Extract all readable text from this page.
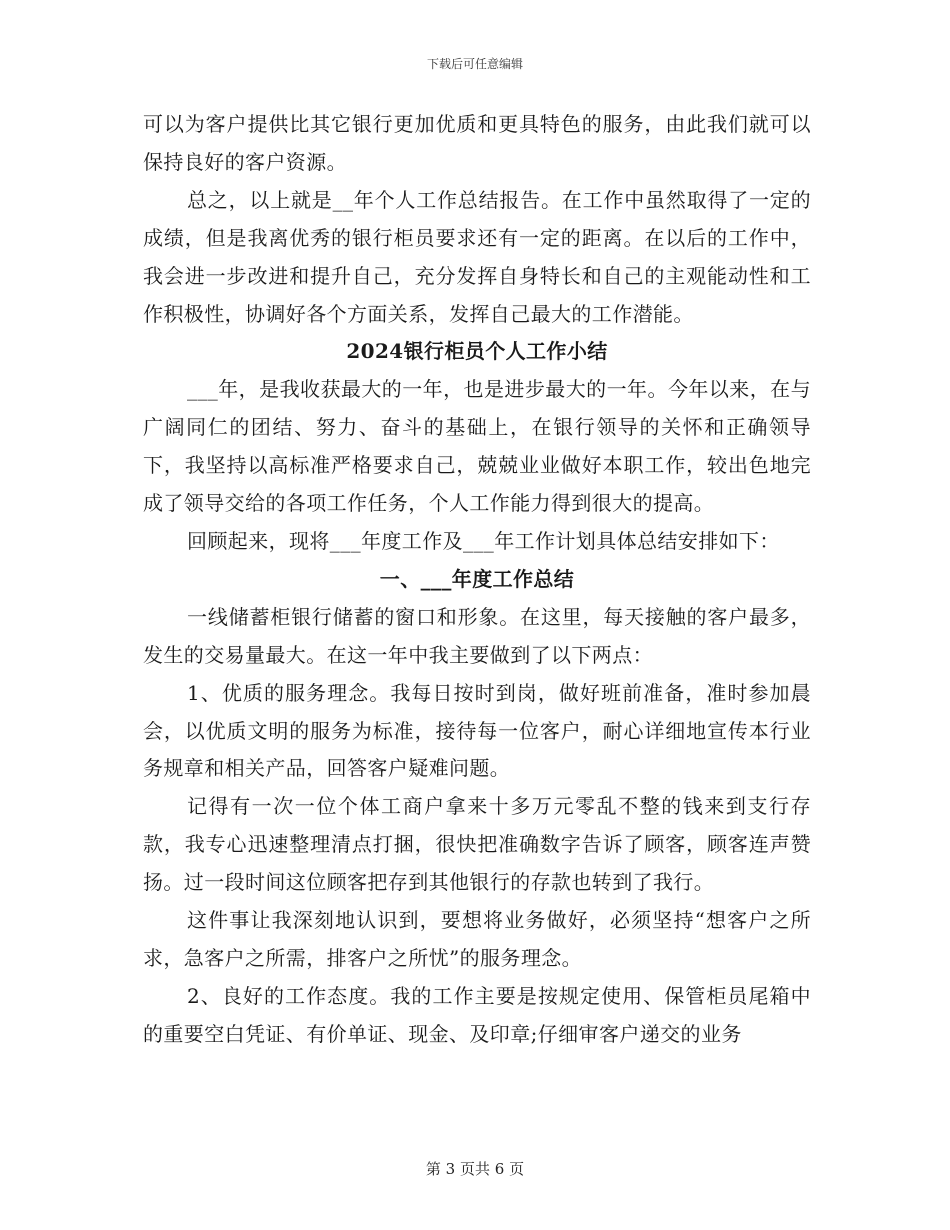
下载后可任意编辑

可以为客户提供比其它银行更加优质和更具特色的服务，由此我们就可以保持良好的客户资源。

总之，以上就是__年个人工作总结报告。在工作中虽然取得了一定的成绩，但是我离优秀的银行柜员要求还有一定的距离。在以后的工作中，我会进一步改进和提升自己，充分发挥自身特长和自己的主观能动性和工作积极性，协调好各个方面关系，发挥自己最大的工作潜能。

2024银行柜员个人工作小结

___年，是我收获最大的一年，也是进步最大的一年。今年以来，在与广阔同仁的团结、努力、奋斗的基础上，在银行领导的关怀和正确领导下，我坚持以高标准严格要求自己，兢兢业业做好本职工作，较出色地完成了领导交给的各项工作任务，个人工作能力得到很大的提高。

回顾起来，现将___年度工作及___年工作计划具体总结安排如下：

一、___年度工作总结

一线储蓄柜银行储蓄的窗口和形象。在这里，每天接触的客户最多，发生的交易量最大。在这一年中我主要做到了以下两点：

1、优质的服务理念。我每日按时到岗，做好班前准备，准时参加晨会，以优质文明的服务为标准，接待每一位客户，耐心详细地宣传本行业务规章和相关产品，回答客户疑难问题。

记得有一次一位个体工商户拿来十多万元零乱不整的钱来到支行存款，我专心迅速整理清点打捆，很快把准确数字告诉了顾客，顾客连声赞扬。过一段时间这位顾客把存到其他银行的存款也转到了我行。

这件事让我深刻地认识到，要想将业务做好，必须坚持“想客户之所求，急客户之所需，排客户之所忧”的服务理念。

2、良好的工作态度。我的工作主要是按规定使用、保管柜员尾箱中的重要空白凭证、有价单证、现金、及印章;仔细审客户递交的业务

第 3 页共 6 页
